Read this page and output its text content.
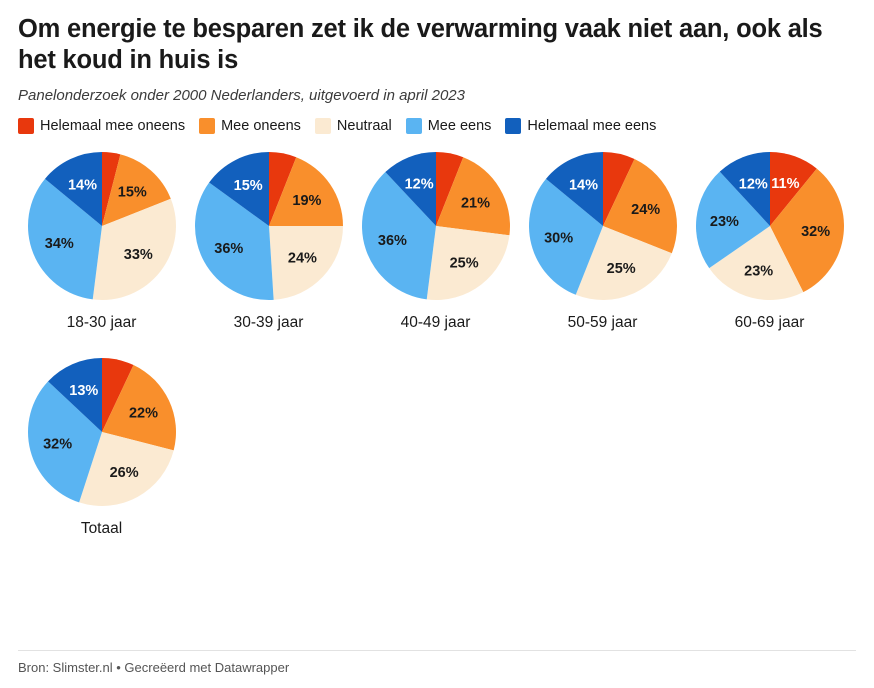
Om energie te besparen zet ik de verwarming vaak niet aan, ook als het koud in huis is
Panelonderzoek onder 2000 Nederlanders, uitgevoerd in april 2023
Helemaal mee oneens Mee oneens Neutraal Mee eens Helemaal mee eens
15%
33%
34%
14%
18-30 jaar
19%
24%
36%
15%
30-39 jaar
21%
25%
36%
12%
40-49 jaar
24%
25%
30%
14%
50-59 jaar
11%
32%
23%
23%
12%
60-69 jaar
22%
26%
32%
13%
Totaal
Bron: Slimster.nl • Gecreëerd met Datawrapper
